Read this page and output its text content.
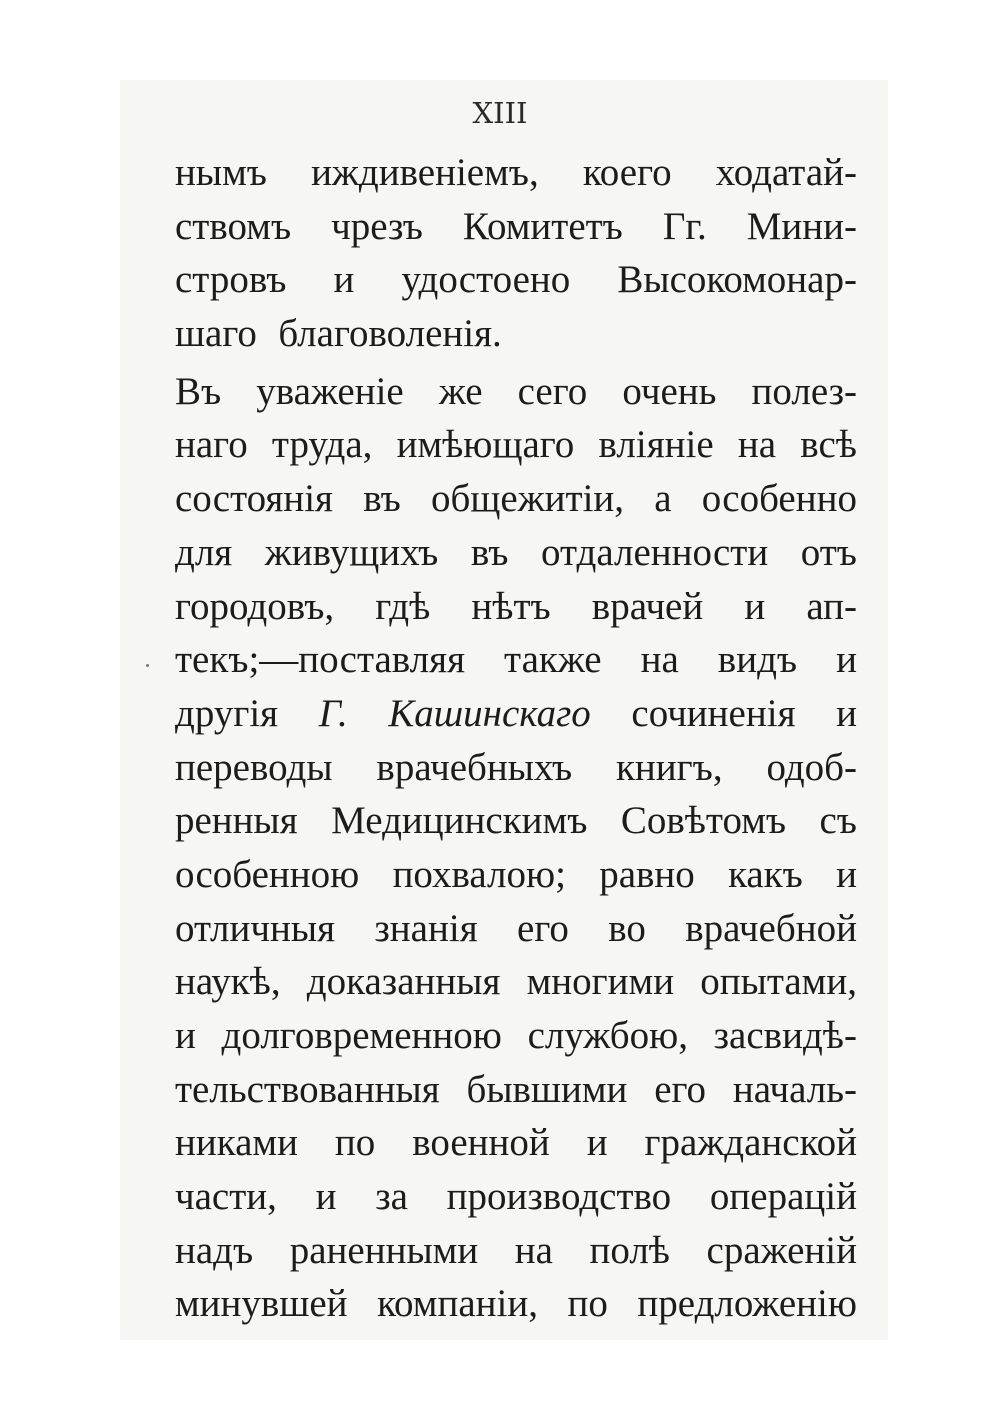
XIII
нымъ иждивенiемъ, коего ходатай-
ствомъ чрезъ Комитетъ Гг. Мини-
стровъ и удостоено Высокомонар-
шаго благоволенiя.
Въ уваженiе же сего очень полез-
наго труда, имѣющаго влiянiе на всѣ
состоянiя въ общежитiи, а особенно
для живущихъ въ отдаленности отъ
городовъ, гдѣ нѣтъ врачей и ап-
текъ;—поставляя также на видъ и
другiя Г. Кашинскаго сочиненiя и
переводы врачебныхъ книгъ, одоб-
ренныя Медицинскимъ Совѣтомъ съ
особенною похвалою; равно какъ и
отличныя знанiя его во врачебной
наукѣ, доказанныя многими опытами,
и долговременною службою, засвидѣ-
тельствованныя бывшими его началь-
никами по военной и гражданской
части, и за производство операцiй
надъ раненными на полѣ сраженiй
минувшей компанiи, по предложенiю
